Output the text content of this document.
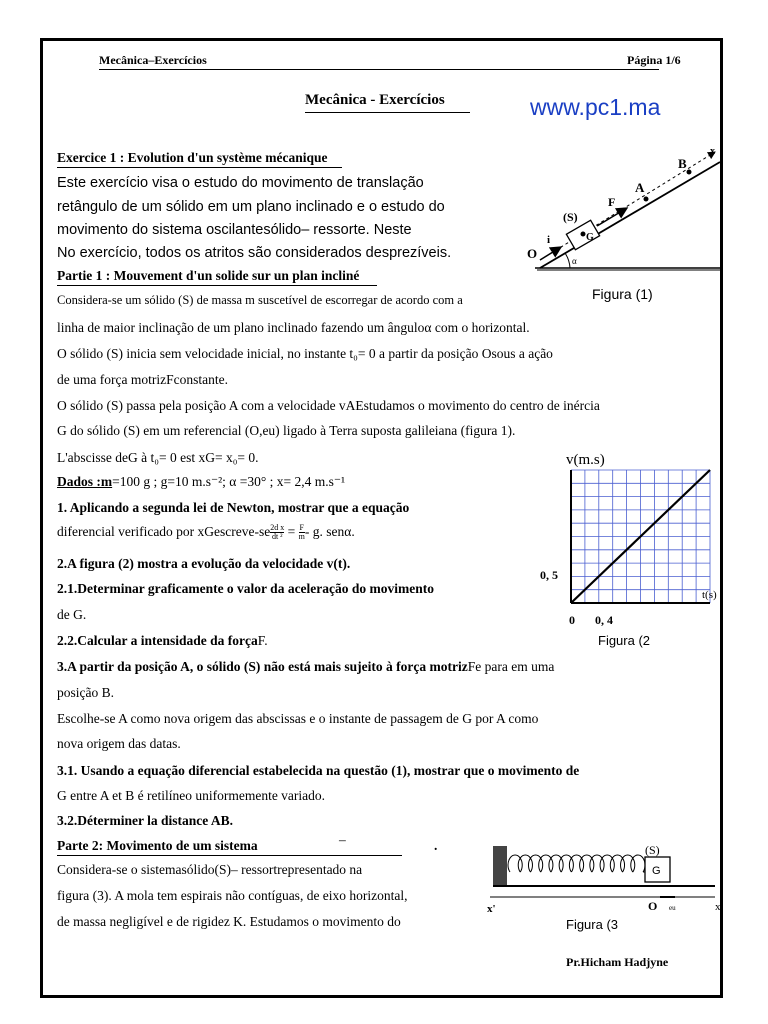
Mecânica–Exercícios	Página 1/6
Mecânica - Exercícios	www.pc1.ma
Exercice 1 : Evolution d'un système mécanique
Este exercício visa o estudo do movimento de translação
retângulo de um sólido em um plano inclinado e o estudo do
movimento do sistema oscilantesólido– ressorte. Neste
No exercício, todos os atritos são considerados desprezíveis.
Partie 1 : Mouvement d'un solide sur un plan incliné
Considera-se um sólido (S) de massa m suscetível de escorregar de acordo com a
linha de maior inclinação de um plano inclinado fazendo um ânguloα com o horizontal.
O sólido (S) inicia sem velocidade inicial, no instante t₀= 0 a partir da posição Osous a ação
de uma força motrizFconstante.
O sólido (S) passa pela posição A com a velocidade vAEstudamos o movimento do centro de inércia
G do sólido (S) em um referencial (O,eu) ligado à Terra suposta galileiana (figura 1).
L'abscisse deG à t₀= 0 est xG= x₀= 0.
Dados :m=100 g ; g=10 m.s⁻²; α =30° ; x= 2,4 m.s⁻¹
1. Aplicando a segunda lei de Newton, mostrar que a equação
diferencial verificado por xGescreve-se $\frac{\text{2d x}}{\text{dt ²}} = \frac{F}{m} - g$. senα.
2.A figura (2) mostra a evolução da velocidade v(t).
2.1.Determinar graficamente o valor da aceleração do movimento
de G.
2.2.Calcular a intensidade da forçaF.
3.A partir da posição A, o sólido (S) não está mais sujeito à força motrizFe para em uma
posição B.
Escolhe-se A como nova origem das abscissas e o instante de passagem de G por A como
nova origem das datas.
3.1. Usando a equação diferencial estabelecida na questão (1), mostrar que o movimento de
G entre A et B é retilíneo uniformemente variado.
3.2.Déterminer la distance AB.
Parte 2: Movimento de um sistema	–	.
Considera-se o sistemasólido(S)– ressortrepresentado na
figura (3). A mola tem espirais não contíguas, de eixo horizontal,
de massa negligível e de rigidez K. Estudamos o movimento do
(S)
G
F
A
B
x
O
i
α
Figura (1)
v(m.s)
t(s)
0, 5
0 0, 4
Figura (2
G
(S)
x'	O eu	x
Figura (3
Pr.Hicham Hadjyne
